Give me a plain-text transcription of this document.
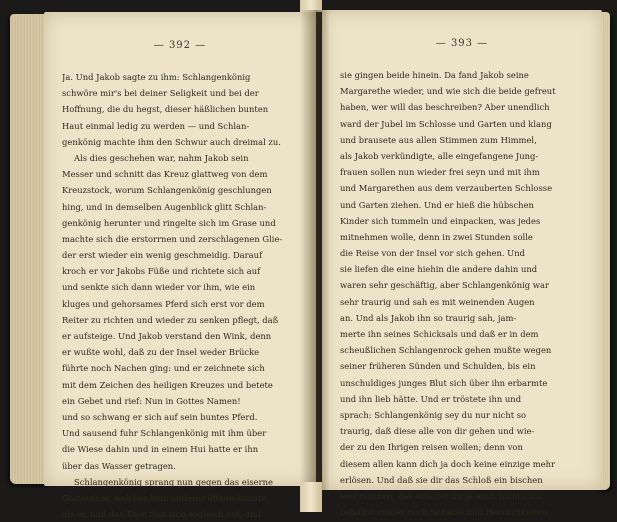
— 392 —
Ja. Und Jakob sagte zu ihm: Schlangenkönig
schwöre mir's bei deiner Seligkeit und bei der
Hoffnung, die du hegst, dieser häßlichen bunten
Haut einmal ledig zu werden — und Schlan-
genkönig machte ihm den Schwur auch dreimal zu.
Als dies geschehen war, nahm Jakob sein
Messer und schnitt das Kreuz glattweg von dem
Kreuzstock, worum Schlangenkönig geschlungen
hing, und in demselben Augenblick glitt Schlan-
genkönig herunter und ringelte sich im Grase und
machte sich die erstorrnen und zerschlagenen Glie-
der erst wieder ein wenig geschmeidig. Darauf
kroch er vor Jakobs Füße und richtete sich auf
und senkte sich dann wieder vor ihm, wie ein
kluges und gehorsames Pferd sich erst vor dem
Reiter zu richten und wieder zu senken pflegt, daß
er aufsteige. Und Jakob verstand den Wink, denn
er wußte wohl, daß zu der Insel weder Brücke
führte noch Nachen ging: und er zeichnete sich
mit dem Zeichen des heiligen Kreuzes und betete
ein Gebet und rief: Nun in Gottes Namen!
und so schwang er sich auf sein buntes Pferd.
Und sausend fuhr Schlangenkönig mit ihm über
die Wiese dahin und in einem Hui hatte er ihn
über das Wasser getragen.
Schlangenkönig sprang nun gegen das eiserne
Gartenthor, welches kein anderer öffnen konnte
als er, und das Thor that sich sogleich auf, und
— 393 —
sie gingen beide hinein. Da fand Jakob seine
Margarethe wieder, und wie sich die beide gefreut
haben, wer will das beschreiben? Aber unendlich
ward der Jubel im Schlosse und Garten und klang
und brausete aus allen Stimmen zum Himmel,
als Jakob verkündigte, alle eingefangene Jung-
frauen sollen nun wieder frei seyn und mit ihm
und Margarethen aus dem verzauberten Schlosse
und Garten ziehen. Und er hieß die hübschen
Kinder sich tummeln und einpacken, was jedes
mitnehmen wolle, denn in zwei Stunden solle
die Reise von der Insel vor sich gehen. Und
sie liefen die eine hiehin die andere dahin und
waren sehr geschäftig, aber Schlangenkönig war
sehr traurig und sah es mit weinenden Augen
an. Und als Jakob ihn so traurig sah, jam-
merte ihn seines Schicksals und daß er in dem
scheußlichen Schlangenrock gehen mußte wegen
seiner früheren Sünden und Schulden, bis ein
unschuldiges junges Blut sich über ihn erbarmte
und ihn lieb hätte. Und er tröstete ihn und
sprach: Schlangenkönig sey du nur nicht so
traurig, daß diese alle von dir gehen und wie-
der zu den Ihrigen reisen wollen; denn von
diesem allen kann dich ja doch keine einzige mehr
erlösen. Und daß sie dir das Schloß ein bischen
leer machen, das schadet dir ja auch nichts: du
behältst immer noch Schätze und Herrlichkeiten
